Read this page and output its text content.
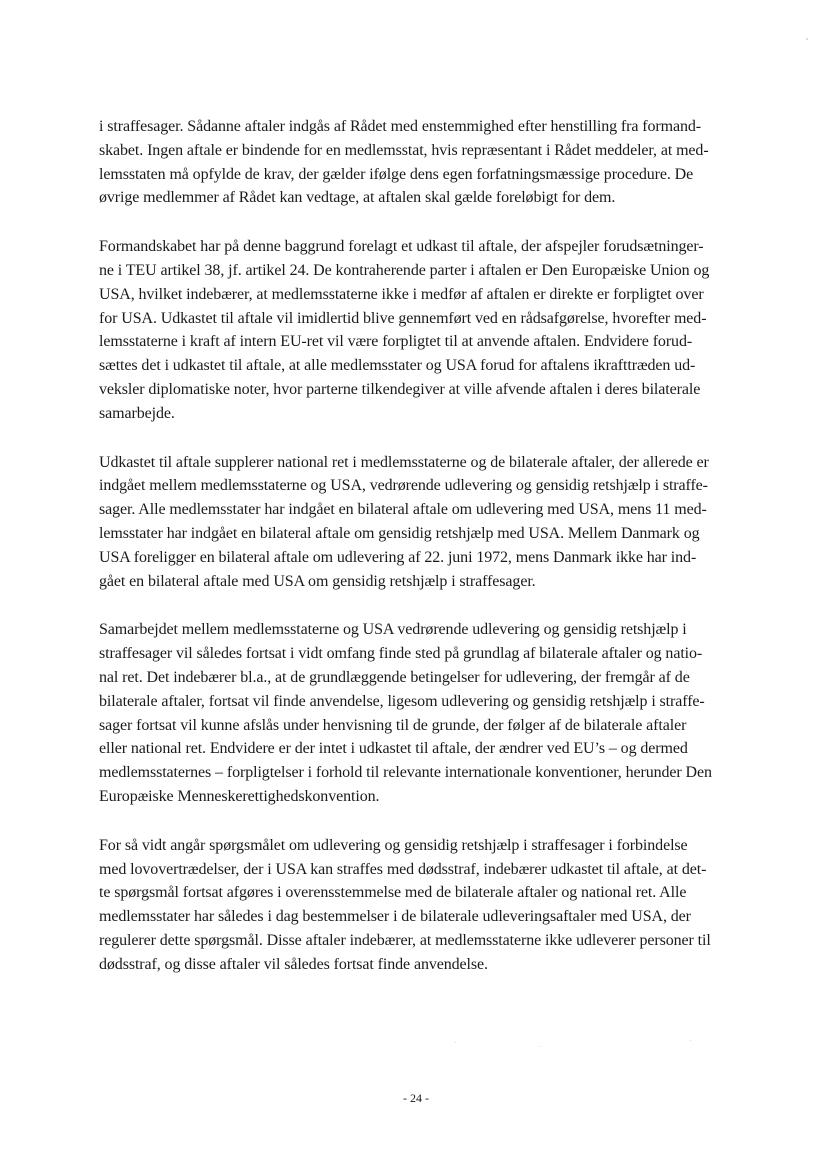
i straffesager. Sådanne aftaler indgås af Rådet med enstemmighed efter henstilling fra formand-
skabet. Ingen aftale er bindende for en medlemsstat, hvis repræsentant i Rådet meddeler, at med-
lemsstaten må opfylde de krav, der gælder ifølge dens egen forfatningsmæssige procedure. De
øvrige medlemmer af Rådet kan vedtage, at aftalen skal gælde foreløbigt for dem.

Formandskabet har på denne baggrund forelagt et udkast til aftale, der afspejler forudsætninger-
ne i TEU artikel 38, jf. artikel 24. De kontraherende parter i aftalen er Den Europæiske Union og
USA, hvilket indebærer, at medlemsstaterne ikke i medfør af aftalen er direkte er forpligtet over
for USA. Udkastet til aftale vil imidlertid blive gennemført ved en rådsafgørelse, hvorefter med-
lemsstaterne i kraft af intern EU-ret vil være forpligtet til at anvende aftalen. Endvidere forud-
sættes det i udkastet til aftale, at alle medlemsstater og USA forud for aftalens ikrafttræden ud-
veksler diplomatiske noter, hvor parterne tilkendegiver at ville afvende aftalen i deres bilaterale
samarbejde.

Udkastet til aftale supplerer national ret i medlemsstaterne og de bilaterale aftaler, der allerede er
indgået mellem medlemsstaterne og USA, vedrørende udlevering og gensidig retshjælp i straffe-
sager. Alle medlemsstater har indgået en bilateral aftale om udlevering med USA, mens 11 med-
lemsstater har indgået en bilateral aftale om gensidig retshjælp med USA. Mellem Danmark og
USA foreligger en bilateral aftale om udlevering af 22. juni 1972, mens Danmark ikke har ind-
gået en bilateral aftale med USA om gensidig retshjælp i straffesager.

Samarbejdet mellem medlemsstaterne og USA vedrørende udlevering og gensidig retshjælp i
straffesager vil således fortsat i vidt omfang finde sted på grundlag af bilaterale aftaler og natio-
nal ret. Det indebærer bl.a., at de grundlæggende betingelser for udlevering, der fremgår af de
bilaterale aftaler, fortsat vil finde anvendelse, ligesom udlevering og gensidig retshjælp i straffe-
sager fortsat vil kunne afslås under henvisning til de grunde, der følger af de bilaterale aftaler
eller national ret. Endvidere er der intet i udkastet til aftale, der ændrer ved EU’s – og dermed
medlemsstaternes – forpligtelser i forhold til relevante internationale konventioner, herunder Den
Europæiske Menneskerettighedskonvention.

For så vidt angår spørgsmålet om udlevering og gensidig retshjælp i straffesager i forbindelse
med lovovertrædelser, der i USA kan straffes med dødsstraf, indebærer udkastet til aftale, at det-
te spørgsmål fortsat afgøres i overensstemmelse med de bilaterale aftaler og national ret. Alle
medlemsstater har således i dag bestemmelser i de bilaterale udleveringsaftaler med USA, der
regulerer dette spørgsmål. Disse aftaler indebærer, at medlemsstaterne ikke udleverer personer til
dødsstraf, og disse aftaler vil således fortsat finde anvendelse.

- 24 -
